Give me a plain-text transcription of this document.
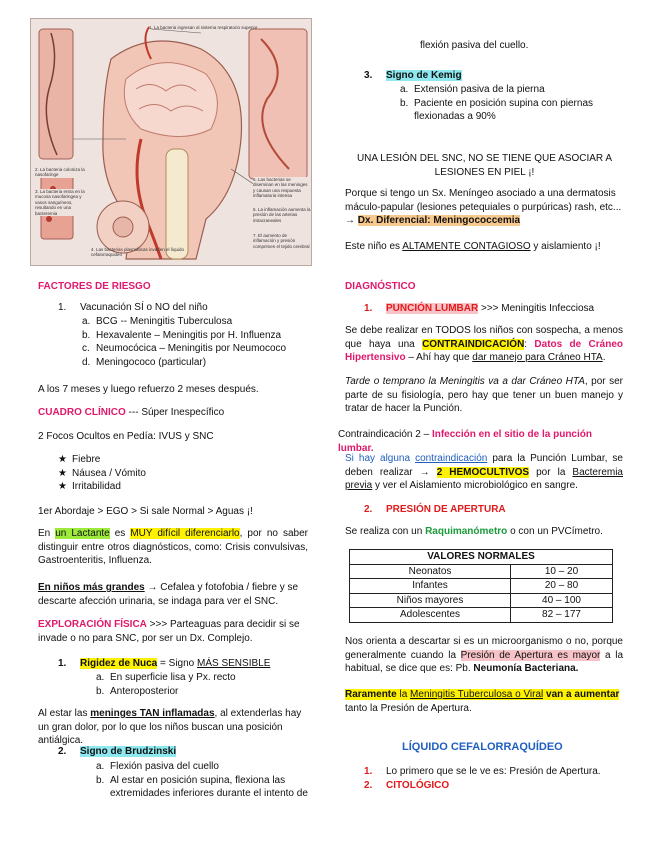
1. La bacteria ingresan al sistema respiratorio superior
2. La bacteria coloniza la nasofaringe
3. La bacteria entra en la mucosa nasofaringea y vasos sanguíneos, resultando en una bacteremia
4. Las bacterias plasmáticas invaden el líquido cefalorraquideo
5. Las bacterias se diseminan en las meninges y causan una respuesta inflamatoria intensa
6. La inflamación aumenta la presión de las arterias intracraneales
7. El aumento de inflamación y presión comprimen el tejido cerebral
FACTORES DE RIESGO
1. Vacunación SÍ o NO del niño
a. BCG -- Meningitis Tuberculosa
b. Hexavalente – Meningitis por H. Influenza
c. Neumocócica – Meningitis por Neumococo
d. Meningococo (particular)
A los 7 meses y luego refuerzo 2 meses después.
CUADRO CLÍNICO --- Súper Inespecífico
2 Focos Ocultos en Pedía: IVUS y SNC
★ Fiebre
★ Náusea / Vómito
★ Irritabilidad
1er Abordaje > EGO > Si sale Normal > Aguas ¡!
En un Lactante es MUY difícil diferenciarlo, por no saber distinguir entre otros diagnósticos, como: Crisis convulsivas, Gastroenteritis, Influenza.
En niños más grandes → Cefalea y fotofobia / fiebre y se descarte afección urinaria, se indaga para ver el SNC.
EXPLORACIÓN FÍSICA >>> Parteaguas para decidir si se invade o no para SNC, por ser un Dx. Complejo.
1. Rigidez de Nuca = Signo MÁS SENSIBLE
a. En superficie lisa y Px. recto
b. Anteroposterior
Al estar las meninges TAN inflamadas, al extenderlas hay un gran dolor, por lo que los niños buscan una posición antiálgica.
2. Signo de Brudzinski
a. Flexión pasiva del cuello
b. Al estar en posición supina, flexiona las extremidades inferiores durante el intento de
flexión pasiva del cuello.
3. Signo de Kemig
a. Extensión pasiva de la pierna
b. Paciente en posición supina con piernas flexionadas a 90%
UNA LESIÓN DEL SNC, NO SE TIENE QUE ASOCIAR A LESIONES EN PIEL ¡!
Porque si tengo un Sx. Meníngeo asociado a una dermatosis máculo-papular (lesiones petequiales o purpúricas) rash, etc... → Dx. Diferencial: Meningococcemia
Este niño es ALTAMENTE CONTAGIOSO y aislamiento ¡!
DIAGNÓSTICO
1. PUNCIÓN LUMBAR >>> Meningitis Infecciosa
Se debe realizar en TODOS los niños con sospecha, a menos que haya una CONTRAINDICACIÓN: Datos de Cráneo Hipertensivo – Ahí hay que dar manejo para Cráneo HTA.
Tarde o temprano la Meningitis va a dar Cráneo HTA, por ser parte de su fisiología, pero hay que tener un buen manejo y tratar de hacer la Punción.
Contraindicación 2 – Infección en el sitio de la punción lumbar.
Si hay alguna contraindicación para la Punción Lumbar, se deben realizar → 2 HEMOCULTIVOS por la Bacteremia previa y ver el Aislamiento microbiológico en sangre.
2. PRESIÓN DE APERTURA
Se realiza con un Raquimanómetro o con un PVCímetro.
VALORES NORMALES	
Neonatos	10 – 20
Infantes	20 – 80
Niños mayores	40 – 100
Adolescentes	82 – 177
Nos orienta a descartar si es un microorganismo o no, porque generalmente cuando la Presión de Apertura es mayor a la habitual, se dice que es: Pb. Neumonía Bacteriana.
Raramente la Meningitis Tuberculosa o Viral van a aumentar tanto la Presión de Apertura.
LÍQUIDO CEFALORRAQUÍDEO
1. Lo primero que se le ve es: Presión de Apertura.
2. CITOLÓGICO
